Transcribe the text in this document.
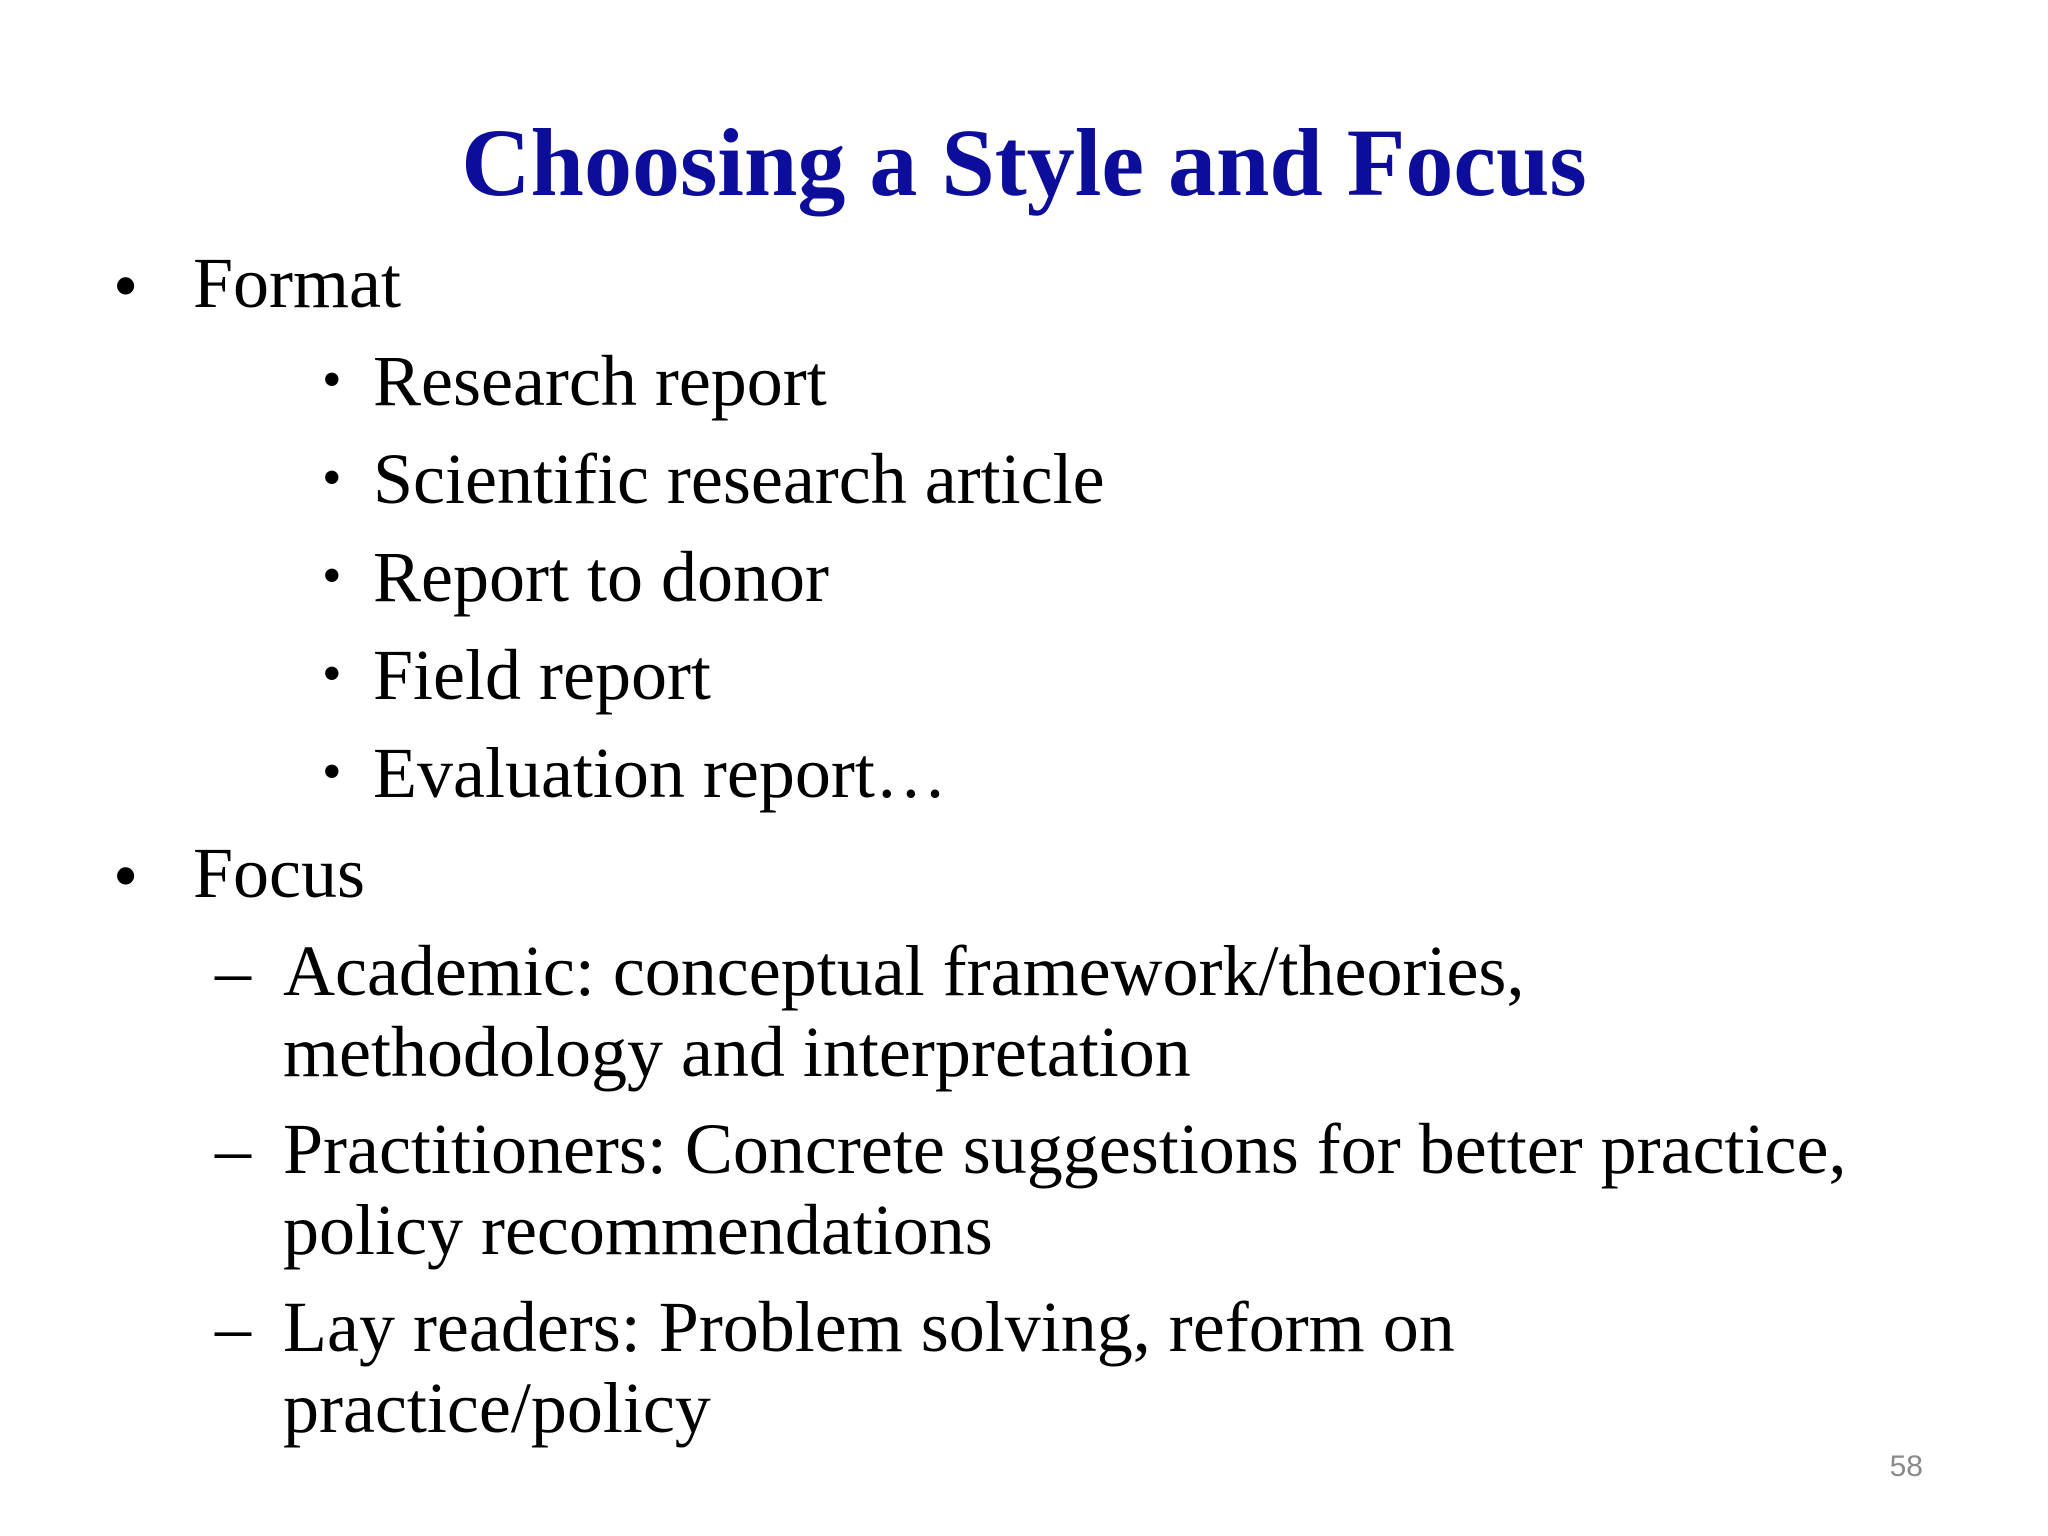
Choosing a Style and Focus
• Format
• Research report
• Scientific research article
• Report to donor
• Field report
• Evaluation report…
• Focus
– Academic: conceptual framework/theories,
methodology and interpretation
– Practitioners: Concrete suggestions for better practice,
policy recommendations
– Lay readers: Problem solving, reform on
practice/policy
58
